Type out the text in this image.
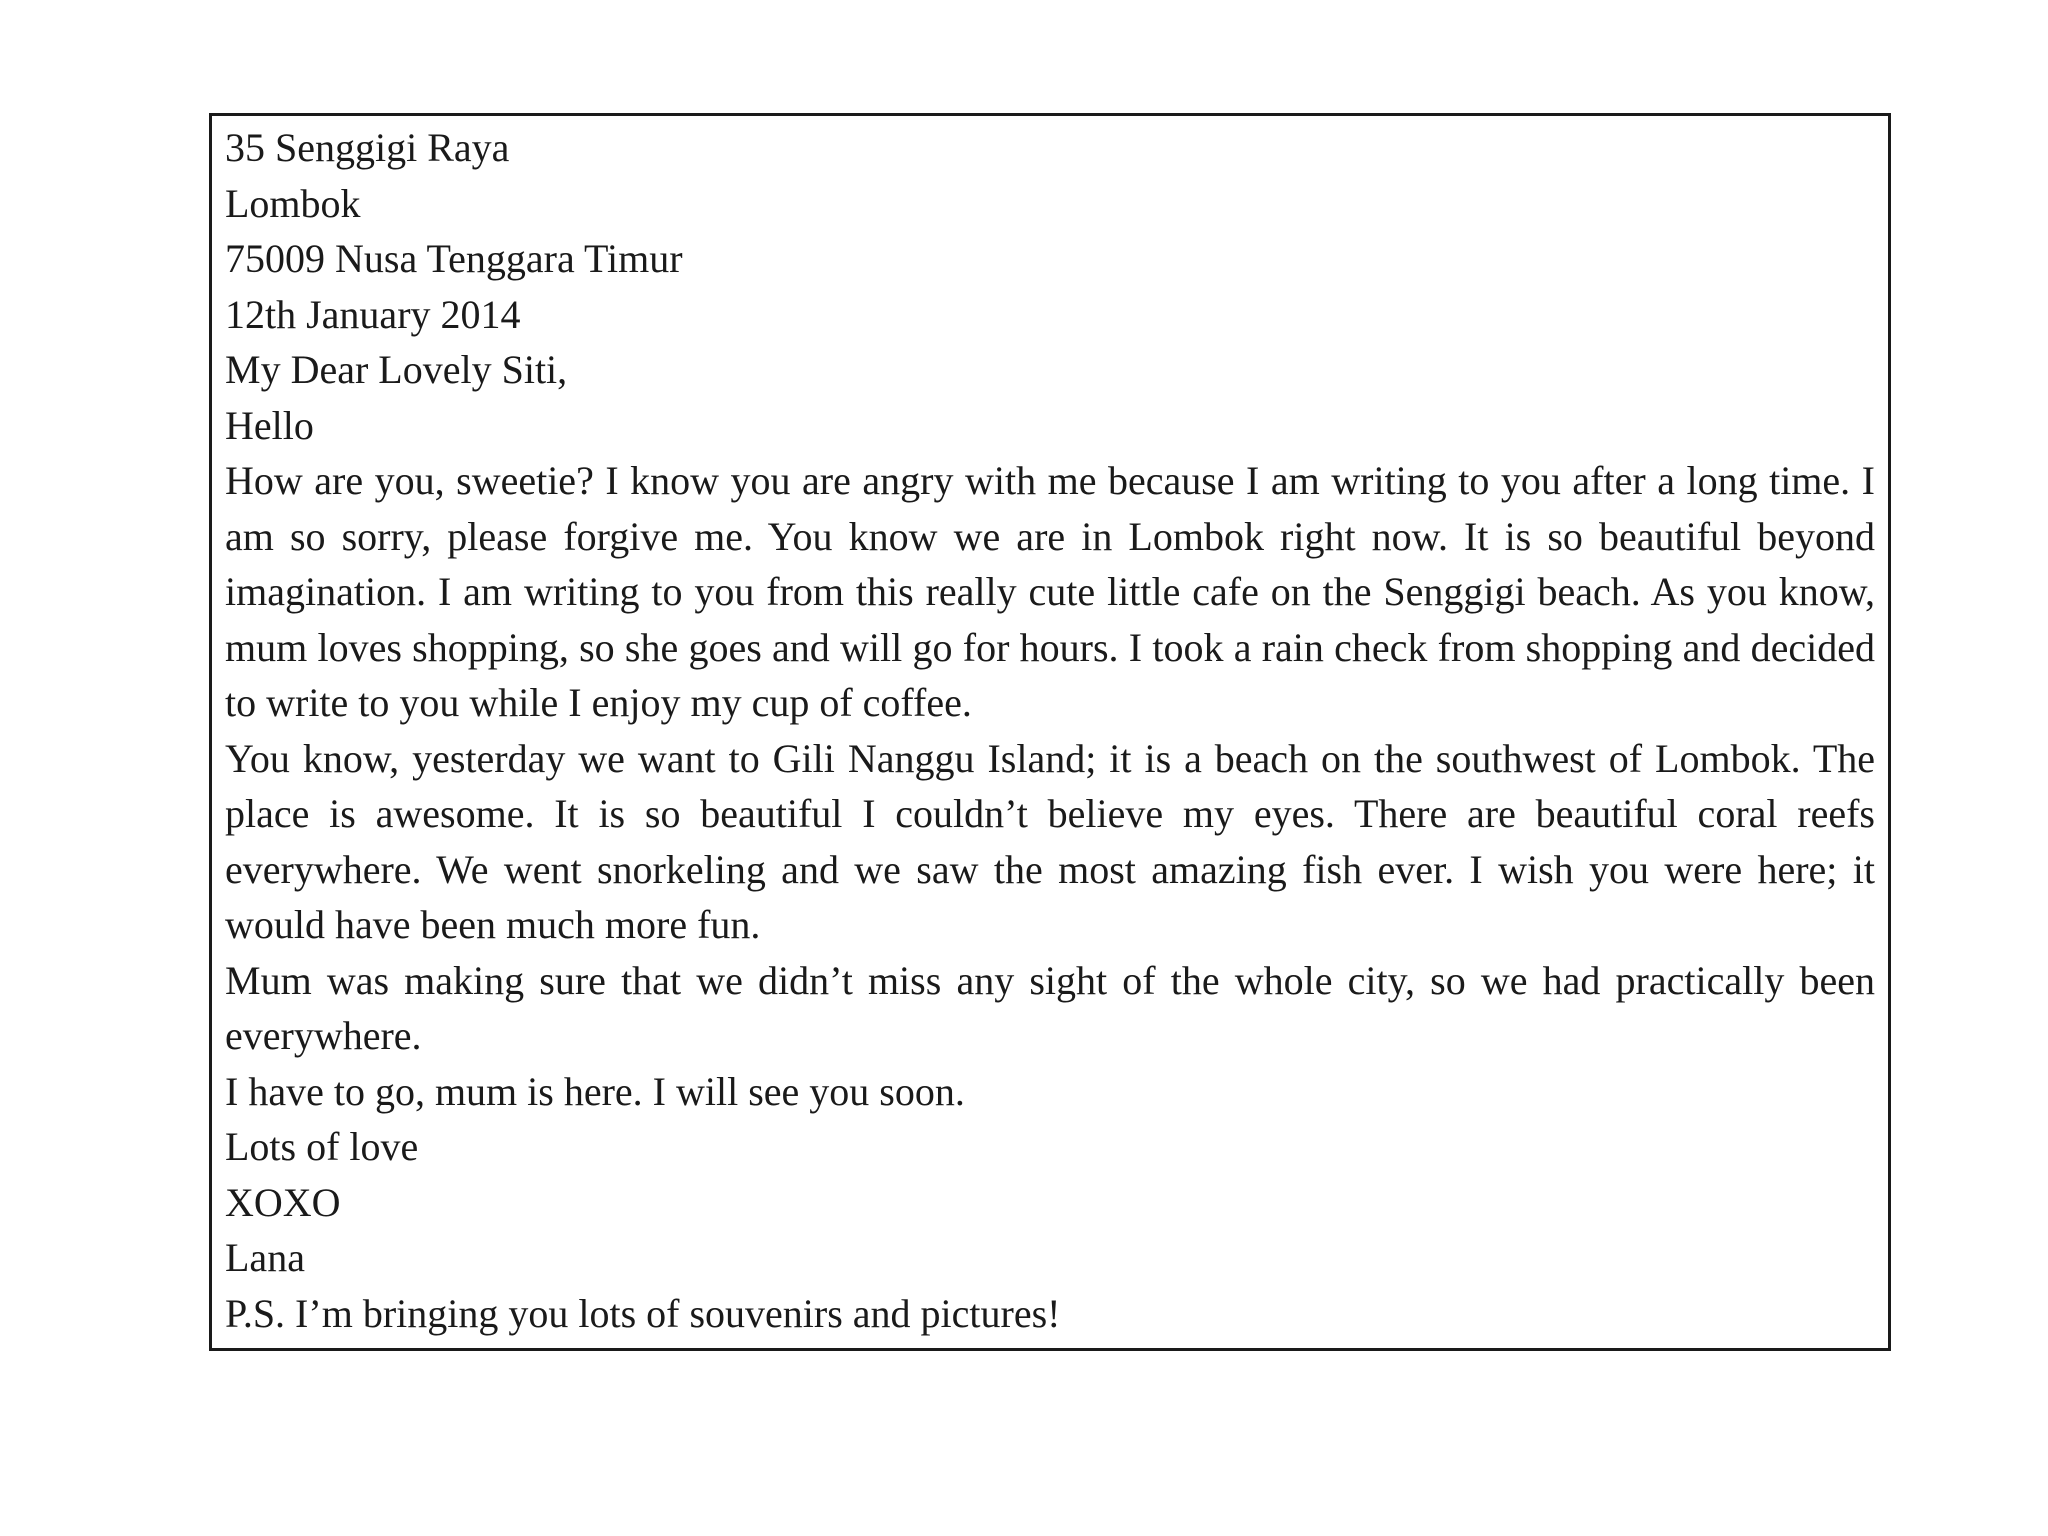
35 Senggigi Raya

Lombok

75009 Nusa Tenggara Timur

12th January 2014

My Dear Lovely Siti,

Hello

How are you, sweetie? I know you are angry with me because I am writing to you after a long time. I am so sorry, please forgive me. You know we are in Lombok right now. It is so beautiful beyond imagination. I am writing to you from this really cute little cafe on the Senggigi beach. As you know, mum loves shopping, so she goes and will go for hours. I took a rain check from shopping and decided to write to you while I enjoy my cup of coffee.

You know, yesterday we want to Gili Nanggu Island; it is a beach on the southwest of Lombok. The place is awesome. It is so beautiful I couldn’t believe my eyes. There are beautiful coral reefs everywhere. We went snorkeling and we saw the most amazing fish ever. I wish you were here; it would have been much more fun.

Mum was making sure that we didn’t miss any sight of the whole city, so we had practically been everywhere.

I have to go, mum is here. I will see you soon.

Lots of love

XOXO

Lana

P.S. I’m bringing you lots of souvenirs and pictures!
